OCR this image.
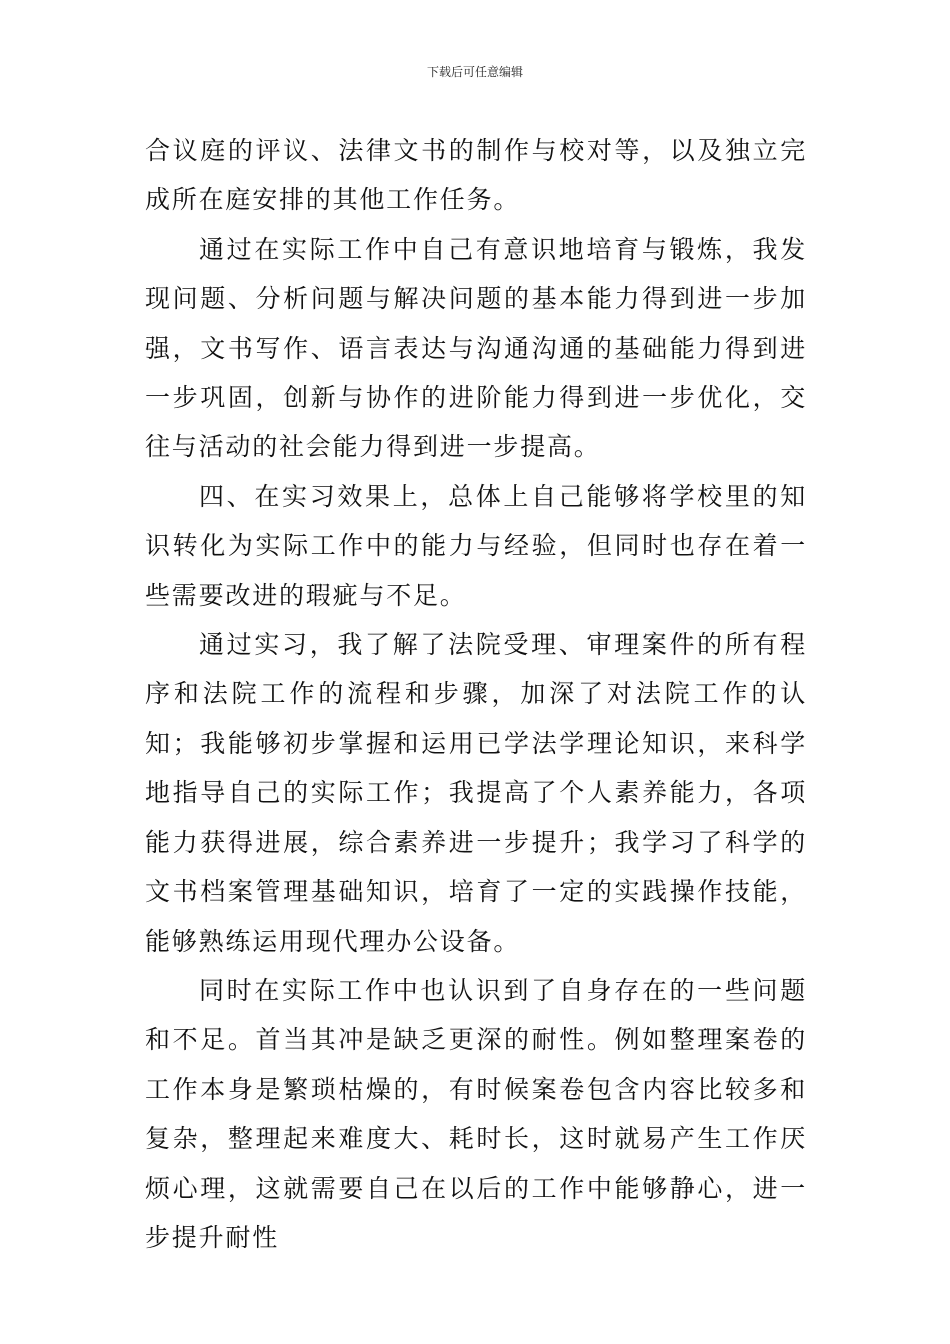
下载后可任意编辑

合议庭的评议、法律文书的制作与校对等，以及独立完成所在庭安排的其他工作任务。

通过在实际工作中自己有意识地培育与锻炼，我发现问题、分析问题与解决问题的基本能力得到进一步加强，文书写作、语言表达与沟通沟通的基础能力得到进一步巩固，创新与协作的进阶能力得到进一步优化，交往与活动的社会能力得到进一步提高。

四、在实习效果上，总体上自己能够将学校里的知识转化为实际工作中的能力与经验，但同时也存在着一些需要改进的瑕疵与不足。

通过实习，我了解了法院受理、审理案件的所有程序和法院工作的流程和步骤，加深了对法院工作的认知；我能够初步掌握和运用已学法学理论知识，来科学地指导自己的实际工作；我提高了个人素养能力，各项能力获得进展，综合素养进一步提升；我学习了科学的文书档案管理基础知识，培育了一定的实践操作技能，能够熟练运用现代理办公设备。

同时在实际工作中也认识到了自身存在的一些问题和不足。首当其冲是缺乏更深的耐性。例如整理案卷的工作本身是繁琐枯燥的，有时候案卷包含内容比较多和复杂，整理起来难度大、耗时长，这时就易产生工作厌烦心理，这就需要自己在以后的工作中能够静心，进一步提升耐性
